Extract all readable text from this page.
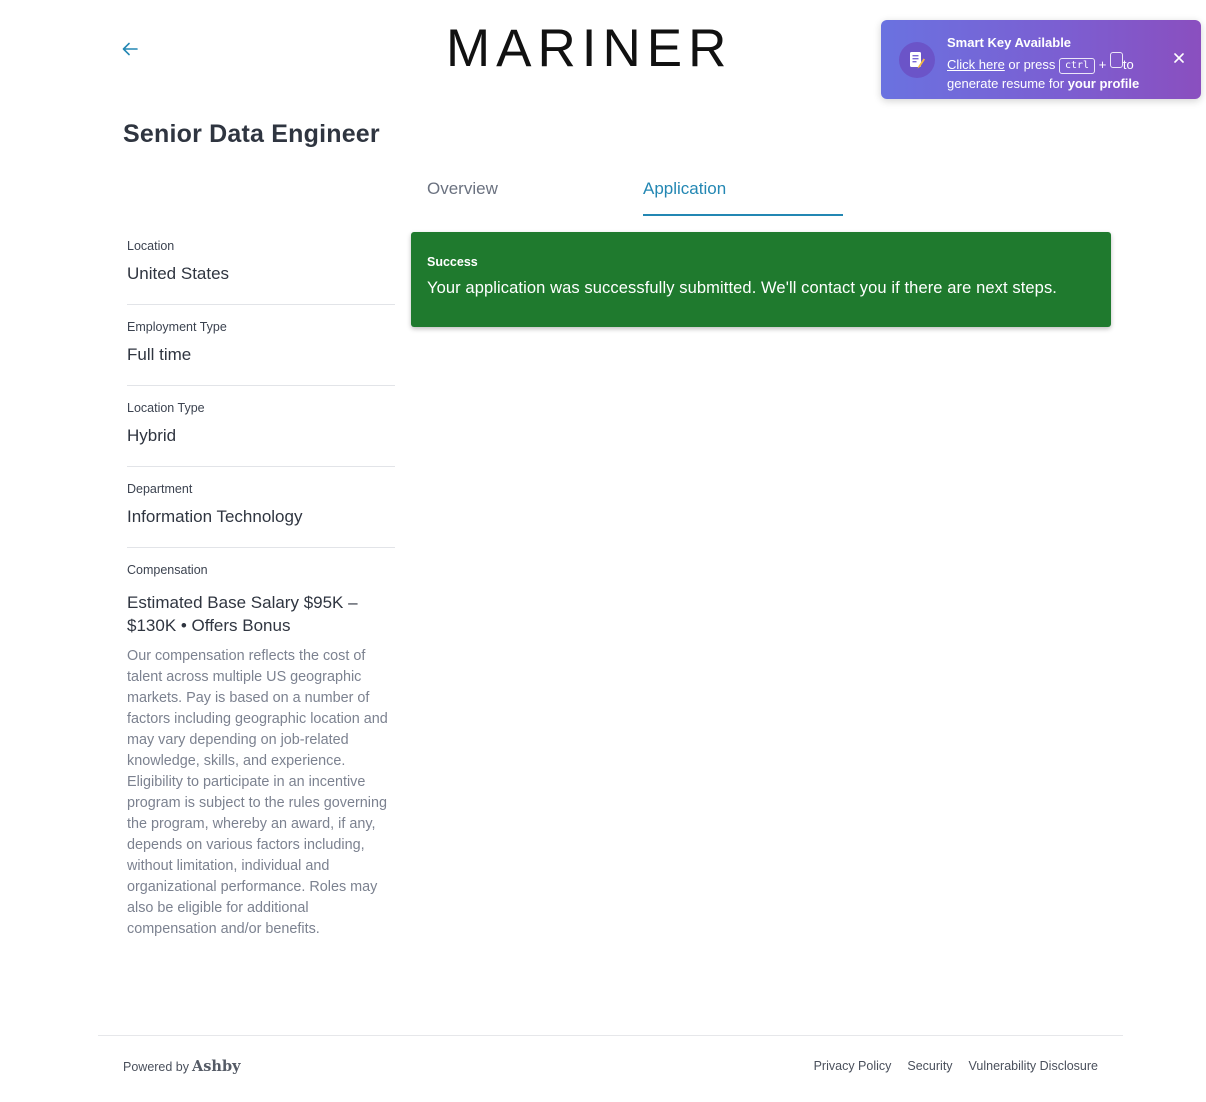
MARINER	Smart Key Available
Click here or press ctrl + to
generate resume for your profile
Senior Data Engineer
Overview	Application
Location
United States
Employment Type
Full time
Location Type
Hybrid
Department
Information Technology
Compensation
Estimated Base Salary $95K – $130K • Offers Bonus
Our compensation reflects the cost of talent across multiple US geographic markets. Pay is based on a number of factors including geographic location and may vary depending on job-related knowledge, skills, and experience. Eligibility to participate in an incentive program is subject to the rules governing the program, whereby an award, if any, depends on various factors including, without limitation, individual and organizational performance. Roles may also be eligible for additional compensation and/or benefits.
Success
Your application was successfully submitted. We'll contact you if there are next steps.
Powered by Ashby	Privacy Policy Security Vulnerability Disclosure
